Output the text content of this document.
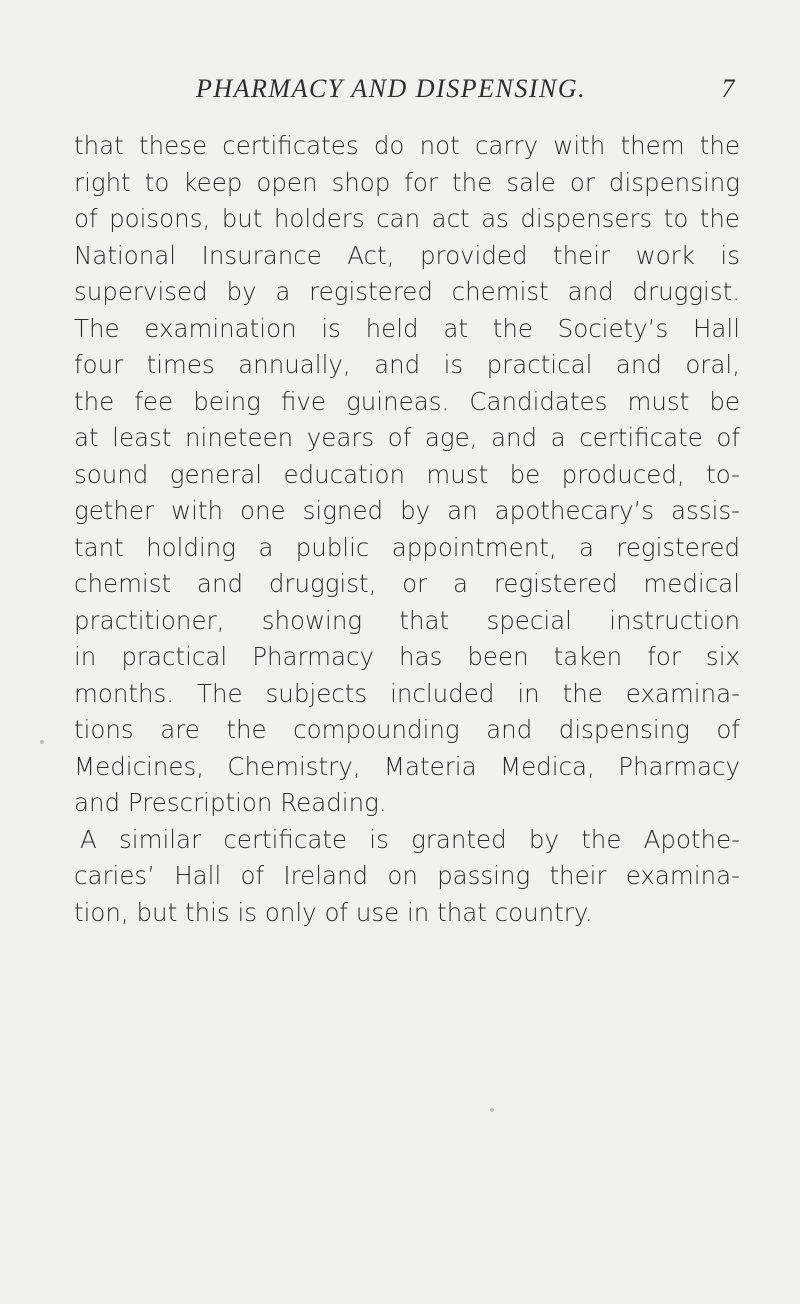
PHARMACY AND DISPENSING.	7
that these certificates do not carry with them the
right to keep open shop for the sale or dispensing
of poisons, but holders can act as dispensers to the
National Insurance Act, provided their work is
supervised by a registered chemist and druggist.
The examination is held at the Society’s Hall
four times annually, and is practical and oral,
the fee being five guineas. Candidates must be
at least nineteen years of age, and a certificate of
sound general education must be produced, to-
gether with one signed by an apothecary’s assis-
tant holding a public appointment, a registered
chemist and druggist, or a registered medical
practitioner, showing that special instruction
in practical Pharmacy has been taken for six
months. The subjects included in the examina-
tions are the compounding and dispensing of
Medicines, Chemistry, Materia Medica, Pharmacy
and Prescription Reading.
A similar certificate is granted by the Apothe-
caries’ Hall of Ireland on passing their examina-
tion, but this is only of use in that country.
